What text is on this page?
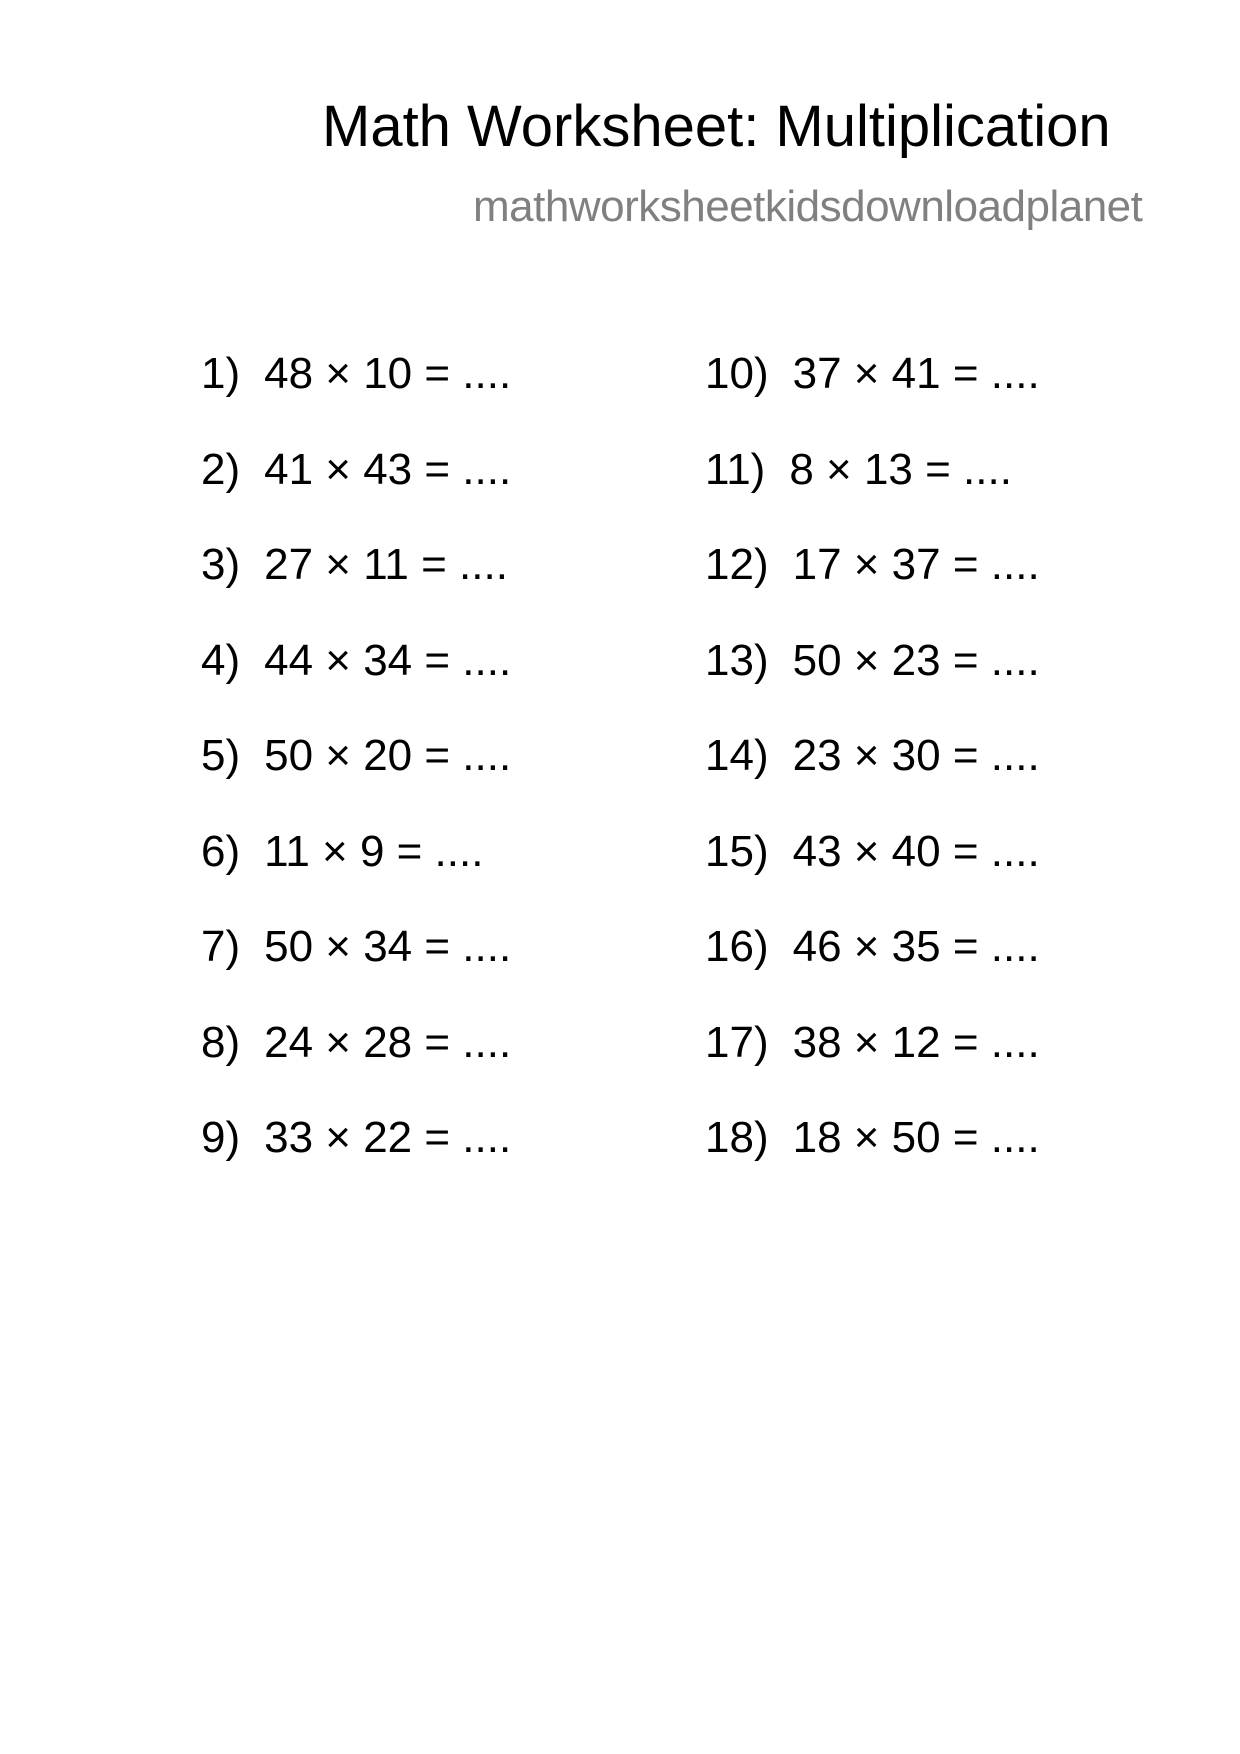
Math Worksheet: Multiplication
mathworksheetkidsdownloadplanet
1) 48 × 10 = ....
2) 41 × 43 = ....
3) 27 × 11 = ....
4) 44 × 34 = ....
5) 50 × 20 = ....
6) 11 × 9 = ....
7) 50 × 34 = ....
8) 24 × 28 = ....
9) 33 × 22 = ....
10) 37 × 41 = ....
11) 8 × 13 = ....
12) 17 × 37 = ....
13) 50 × 23 = ....
14) 23 × 30 = ....
15) 43 × 40 = ....
16) 46 × 35 = ....
17) 38 × 12 = ....
18) 18 × 50 = ....
